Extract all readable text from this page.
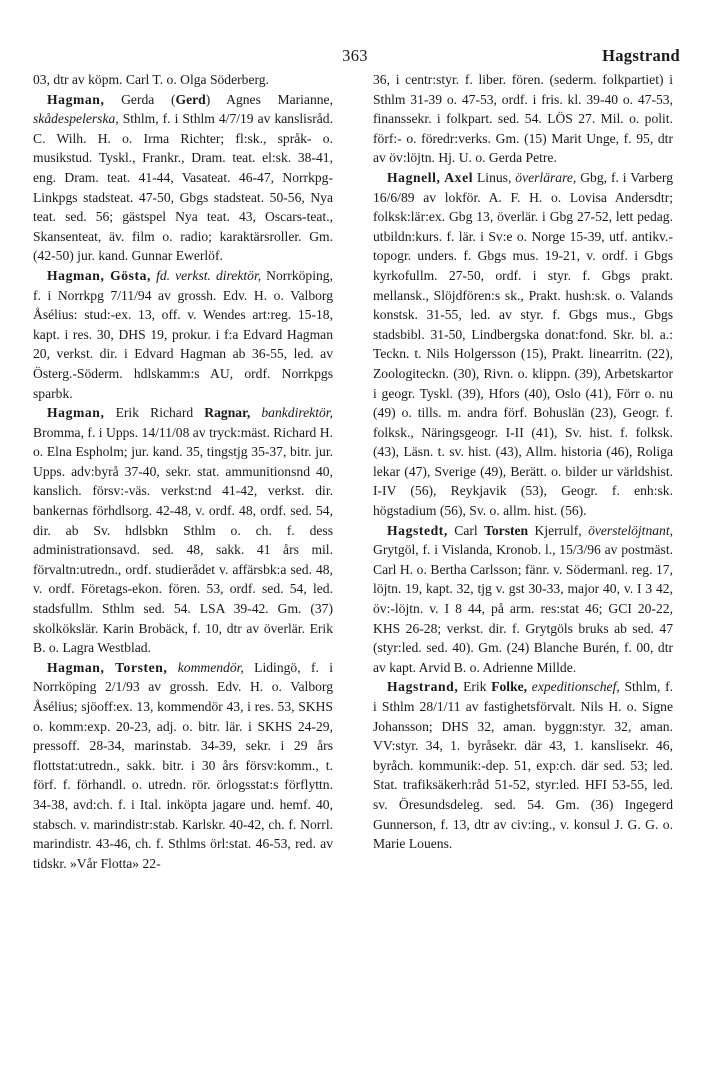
363	Hagstrand

03, dtr av köpm. Carl T. o. Olga Söderberg.

Hagman, Gerda (Gerd) Agnes Marianne, skådespelerska, Sthlm, f. i Sthlm 4/7/19 av kanslisråd. C. Wilh. H. o. Irma Richter; fl:sk., språk- o. musikstud. Tyskl., Frankr., Dram. teat. el:sk. 38-41, eng. Dram. teat. 41-44, Vasateat. 46-47, Norrkpg-Linkpgs stadsteat. 47-50, Gbgs stadsteat. 50-56, Nya teat. sed. 56; gästspel Nya teat. 43, Oscars-teat., Skansenteat, äv. film o. radio; karaktärsroller. Gm. (42-50) jur. kand. Gunnar Ewerlöf.

Hagman, Gösta, fd. verkst. direktör, Norrköping, f. i Norrkpg 7/11/94 av grossh. Edv. H. o. Valborg Åsélius: stud:-ex. 13, off. v. Wendes art:reg. 15-18, kapt. i res. 30, DHS 19, prokur. i f:a Edvard Hagman 20, verkst. dir. i Edvard Hagman ab 36-55, led. av Österg.-Söderm. hdlskamm:s AU, ordf. Norrkpgs sparbk.

Hagman, Erik Richard Ragnar, bankdirektör, Bromma, f. i Upps. 14/11/08 av tryck:mäst. Richard H. o. Elna Espholm; jur. kand. 35, tingstjg 35-37, bitr. jur. Upps. adv:byrå 37-40, sekr. stat. ammunitionsnd 40, kanslich. försv:-väs. verkst:nd 41-42, verkst. dir. bankernas förhdlsorg. 42-48, v. ordf. 48, ordf. sed. 54, dir. ab Sv. hdlsbkn Sthlm o. ch. f. dess administrationsavd. sed. 48, sakk. 41 års mil. förvaltn:utredn., ordf. studierådet v. affärsbk:a sed. 48, v. ordf. Företags-ekon. fören. 53, ordf. sed. 54, led. stadsfullm. Sthlm sed. 54. LSA 39-42. Gm. (37) skolkökslär. Karin Brobäck, f. 10, dtr av överlär. Erik B. o. Lagra Westblad.

Hagman, Torsten, kommendör, Lidingö, f. i Norrköping 2/1/93 av grossh. Edv. H. o. Valborg Åsélius; sjöoff:ex. 13, kommendör 43, i res. 53, SKHS o. komm:exp. 20-23, adj. o. bitr. lär. i SKHS 24-29, pressoff. 28-34, marinstab. 34-39, sekr. i 29 års flottstat:utredn., sakk. bitr. i 30 års försv:komm., t. förf. f. förhandl. o. utredn. rör. örlogsstat:s förflyttn. 34-38, avd:ch. f. i Ital. inköpta jagare und. hemf. 40, stabsch. v. marindistr:stab. Karlskr. 40-42, ch. f. Norrl. marindistr. 43-46, ch. f. Sthlms örl:stat. 46-53, red. av tidskr. »Vår Flotta» 22-

36, i centr:styr. f. liber. fören. (sederm. folkpartiet) i Sthlm 31-39 o. 47-53, ordf. i fris. kl. 39-40 o. 47-53, finanssekr. i folkpart. sed. 54. LÖS 27. Mil. o. polit. förf:- o. föredr:verks. Gm. (15) Marit Unge, f. 95, dtr av öv:löjtn. Hj. U. o. Gerda Petre.

Hagnell, Axel Linus, överlärare, Gbg, f. i Varberg 16/6/89 av lokför. A. F. H. o. Lovisa Andersdtr; folksk:lär:ex. Gbg 13, överlär. i Gbg 27-52, lett pedag. utbildn:kurs. f. lär. i Sv:e o. Norge 15-39, utf. antikv.-topogr. unders. f. Gbgs mus. 19-21, v. ordf. i Gbgs kyrkofullm. 27-50, ordf. i styr. f. Gbgs prakt. mellansk., Slöjdfören:s sk., Prakt. hush:sk. o. Valands konstsk. 31-55, led. av styr. f. Gbgs mus., Gbgs stadsbibl. 31-50, Lindbergska donat:fond. Skr. bl. a.: Teckn. t. Nils Holgersson (15), Prakt. linearritn. (22), Zoologiteckn. (30), Rivn. o. klippn. (39), Arbetskartor i geogr. Tyskl. (39), Hfors (40), Oslo (41), Förr o. nu (49) o. tills. m. andra förf. Bohuslän (23), Geogr. f. folksk., Näringsgeogr. I-II (41), Sv. hist. f. folksk. (43), Läsn. t. sv. hist. (43), Allm. historia (46), Roliga lekar (47), Sverige (49), Berätt. o. bilder ur världshist. I-IV (56), Reykjavik (53), Geogr. f. enh:sk. högstadium (56), Sv. o. allm. hist. (56).

Hagstedt, Carl Torsten Kjerrulf, överstelöjtnant, Grytgöl, f. i Vislanda, Kronob. l., 15/3/96 av postmäst. Carl H. o. Bertha Carlsson; fänr. v. Södermanl. reg. 17, löjtn. 19, kapt. 32, tjg v. gst 30-33, major 40, v. I 3 42, öv:-löjtn. v. I 8 44, på arm. res:stat 46; GCI 20-22, KHS 26-28; verkst. dir. f. Grytgöls bruks ab sed. 47 (styr:led. sed. 40). Gm. (24) Blanche Burén, f. 00, dtr av kapt. Arvid B. o. Adrienne Millde.

Hagstrand, Erik Folke, expeditionschef, Sthlm, f. i Sthlm 28/1/11 av fastighetsförvalt. Nils H. o. Signe Johansson; DHS 32, aman. byggn:styr. 32, aman. VV:styr. 34, 1. byråsekr. där 43, 1. kanslisekr. 46, byråch. kommunik:-dep. 51, exp:ch. där sed. 53; led. Stat. trafiksäkerh:råd 51-52, styr:led. HFI 53-55, led. sv. Öresundsdeleg. sed. 54. Gm. (36) Ingegerd Gunnerson, f. 13, dtr av civ:ing., v. konsul J. G. G. o. Marie Louens.
